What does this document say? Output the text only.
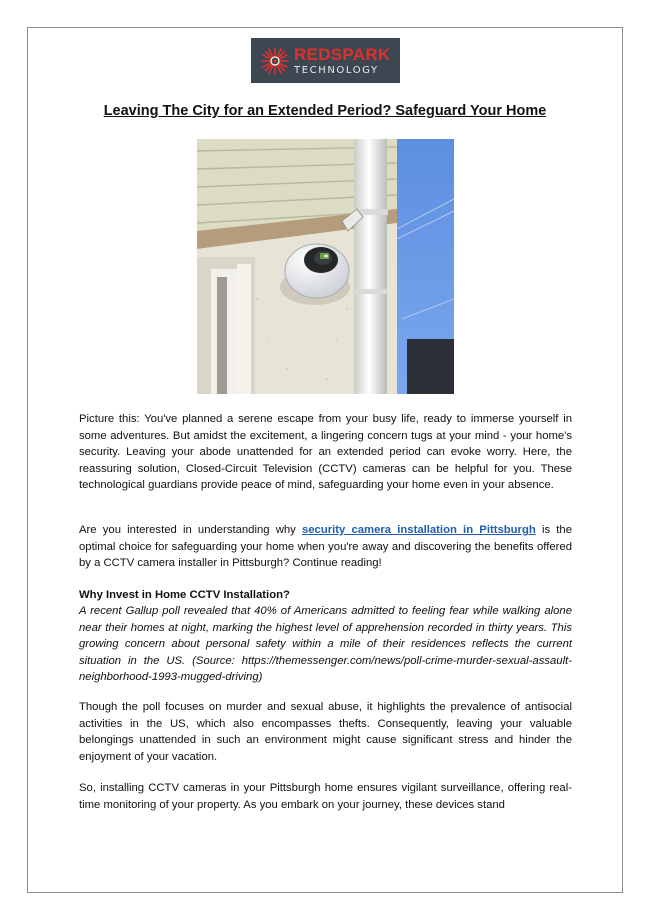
REDSPARK
TECHNOLOGY
Leaving The City for an Extended Period? Safeguard Your Home
Picture this: You've planned a serene escape from your busy life, ready to immerse yourself in some adventures. But amidst the excitement, a lingering concern tugs at your mind - your home's security. Leaving your abode unattended for an extended period can evoke worry. Here, the reassuring solution, Closed-Circuit Television (CCTV) cameras can be helpful for you. These technological guardians provide peace of mind, safeguarding your home even in your absence.
Are you interested in understanding why security camera installation in Pittsburgh is the optimal choice for safeguarding your home when you're away and discovering the benefits offered by a CCTV camera installer in Pittsburgh? Continue reading!
Why Invest in Home CCTV Installation?
A recent Gallup poll revealed that 40% of Americans admitted to feeling fear while walking alone near their homes at night, marking the highest level of apprehension recorded in thirty years. This growing concern about personal safety within a mile of their residences reflects the current situation in the US. (Source: https://themessenger.com/news/poll-crime-murder-sexual-assault-neighborhood-1993-mugged-driving)
Though the poll focuses on murder and sexual abuse, it highlights the prevalence of antisocial activities in the US, which also encompasses thefts. Consequently, leaving your valuable belongings unattended in such an environment might cause significant stress and hinder the enjoyment of your vacation.
So, installing CCTV cameras in your Pittsburgh home ensures vigilant surveillance, offering real-time monitoring of your property. As you embark on your journey, these devices stand
